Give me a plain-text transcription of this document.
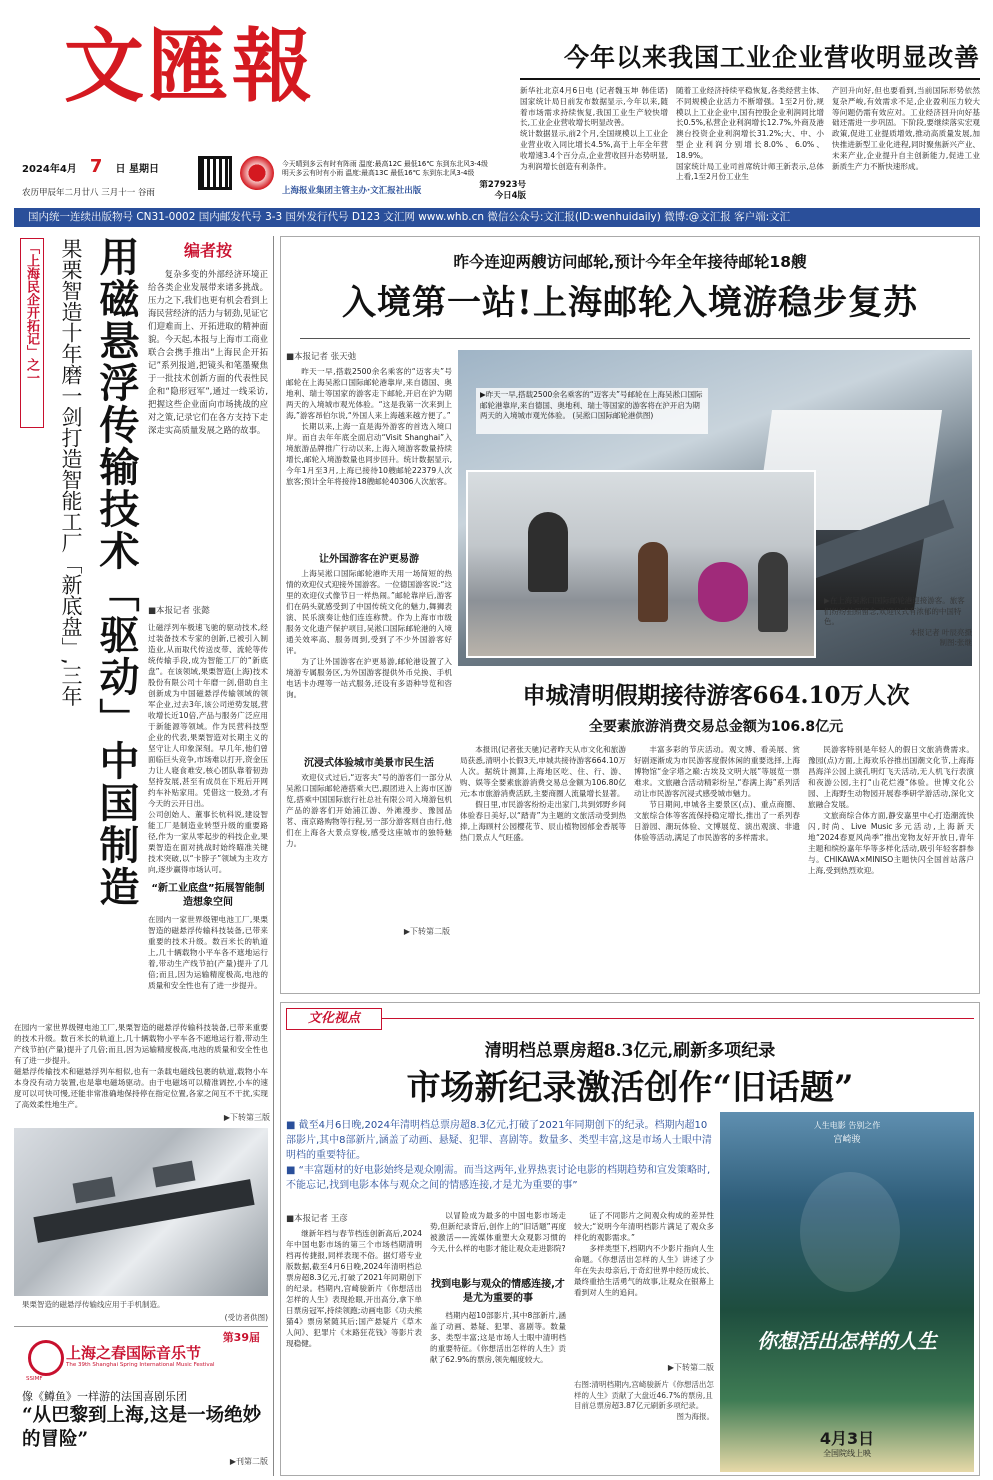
文匯報
2024年4月 7 日 星期日
农历甲辰年二月廿八 三月十一 谷雨
今天晴到多云有时有阵雨 温度:最高12C 最低16℃ 东到东北风3-4级
明天多云有时有小雨 温度:最高13C 最低16℃ 东到东北风3-4级
上海报业集团主管主办·文汇报社出版
第27923号
今日4版
今年以来我国工业企业营收明显改善

新华社北京4月6日电 (记者魏玉坤 韩佳诺) 国家统计局日前发布数据显示,今年以来,随着市场需求持续恢复,我国工业生产较快增长,工业企业营收增长明显改善。

统计数据显示,前2个月,全国规模以上工业企业营业收入同比增长4.5%,高于上年全年营收增速3.4个百分点,企业营收回升态势明显,为利润增长创造有利条件。

随着工业经济持续平稳恢复,各类经营主体、不同规模企业活力不断增强。1至2月份,规模以上工业企业中,国有控股企业利润同比增长0.5%,私营企业利润增长12.7%,外商及港澳台投资企业利润增长31.2%;大、中、小型企业利润分别增长8.0%、6.0%、18.9%。

国家统计局工业司首席统计师王新表示,总体上看,1至2月份工业生

产回升向好,但也要看到,当前国际形势依然复杂严峻,有效需求不足,企业盈利压力较大等问题仍需有效应对。工业经济回升向好基础还需进一步巩固。下阶段,要继续落实宏观政策,促进工业提质增效,推动高质量发展,加快推进新型工业化进程,同时聚焦新兴产业、未来产业,企业提升自主创新能力,促进工业新质生产力不断快速形成。

国内统一连续出版物号 CN31-0002 国内邮发代号 3-3 国外发行代号 D123 文汇网 www.whb.cn 微信公众号:文汇报(ID:wenhuidaily) 微博:@文汇报 客户端:文汇
「上海民企开拓记」之一 果栗智造十年磨一剑打造智能工厂「新底盘」,三年 用磁悬浮传输技术「驱动」中国制造	编者按
复杂多变的外部经济环境正给各类企业发展带来诸多挑战。压力之下,我们也更有机会看到上海民营经济的活力与韧劲,见证它们迎难而上、开拓进取的精神面貌。今天起,本报与上海市工商业联合会携手推出“上海民企开拓记”系列报道,把镜头和笔墨聚焦于一批技术创新方面的代表性民企和“隐形冠军”,通过一线采访,把握这些企业面向市场挑战的应对之策,记录它们在各方支持下走深走实高质量发展之路的故事。
■本报记者 张懿

让磁浮列车极速飞驰的驱动技术,经过装备技术专家的创新,已被引入制造业,从而取代传送皮带、流轮等传统传输手段,成为智能工厂的“新底盘”。在该领域,果栗智造(上海)技术股份有限公司十年磨一剑,借助自主创新成为中国磁悬浮传输领域的领军企业,过去3年,该公司逆势发展,营收增长近10倍,产品与服务广泛应用于新能源等领域。作为民营科技型企业的代表,果栗智造对长期主义的坚守让人印象深刻。早几年,他们曾面临巨头竞争,市场难以打开,资金压力让人寝食难安,核心团队靠着韧劲坚持发展,甚至有成员在下班后开网约车补贴家用。凭借这一股劲,才有今天的云开日出。

公司创始人、董事长杭科说,建设智能工厂是制造业转型升级的重要路径,作为一家从零起步的科技企业,果栗智造在面对挑战时始终瞄准关键技术突破,以“卡脖子”领域为主攻方向,逐步赢得市场认可。

“新工业底盘”拓展智能制造想象空间

在园内一家世界级锂电池工厂,果栗智造的磁悬浮传输科技装备,已带来重要的技术升级。数百米长的轨道上,几十辆载物小平车各不遮地运行着,带动生产线节拍(产量)提升了几倍;而且,因为运输精度极高,电池的质量和安全性也有了进一步提升。

磁悬浮传输技术和磁悬浮列车相似,也有一条载电磁线包裹的轨道,载物小车本身没有动力装置,也是靠电磁场驱动。由于电磁场可以精准调控,小车的速度可以可快可慢,还能非常准确地保持停在指定位置,各家之间互不干扰,实现了高效柔性地生产。

在园内一家世界级锂电池工厂,果栗智造的磁悬浮传输科技装备,已带来重要的技术升级。数百米长的轨道上,几十辆载物小平车各不遮地运行着,带动生产线节拍(产量)提升了几倍;而且,因为运输精度极高,电池的质量和安全性也有了进一步提升。

▶下转第三版
果栗智造的磁悬浮传输线应用于手机制造。
(受访者供图)
第39届
上海之春国际音乐节
The 39th Shanghai Spring International Music Festival
SSIMF
像《鳟鱼》一样游的法国喜剧乐团
“从巴黎到上海,这是一场绝妙的冒险”
▶刊第二版
昨今连迎两艘访问邮轮,预计今年全年接待邮轮18艘
入境第一站!上海邮轮入境游稳步复苏
■本报记者 张天弛

昨天一早,搭载2500余名乘客的“迈客夫”号邮轮在上海吴淞口国际邮轮港靠岸,来自德国、奥地利、瑞士等国家的游客走下邮轮,开启在沪为期两天的入境城市观光体验。“这是我第一次来到上海,”游客昂伯尔说,“外国人来上海越来越方便了。”

长期以来,上海一直是海外游客的首选入境口岸。而自去年年底全面启动“Visit Shanghai”入境旅游品牌推广行动以来,上海入境游客数量持续增长,邮轮入境游数量也同步回升。统计数据显示,今年1月至3月,上海已接待10艘邮轮22379人次旅客;预计全年将接待18艘邮轮40306人次旅客。

让外国游客在沪更易游

上海吴淞口国际邮轮港昨天用一场简短的热情的欢迎仪式迎接外国游客。一位德国游客说:“这里的欢迎仪式像节日一样热闹。”邮轮靠岸后,游客们在码头就感受到了中国传统文化的魅力,舞狮表演、民乐演奏让他们连连称赞。作为上海市市级服务文化遗产保护项目,吴淞口国际邮轮港的入境通关效率高、服务周到,受到了不少外国游客好评。

为了让外国游客在沪更易游,邮轮港设置了入境游专属服务区,为外国游客提供外币兑换、手机电话卡办理等一站式服务,还设有多语种导览和咨询。

沉浸式体验城市美景市民生活

欢迎仪式过后,“迈客夫”号的游客们一部分从吴淞口国际邮轮港搭乘大巴,跟团进入上海市区游览,搭乘中国国际旅行社总社有限公司入境游包机产品的游客们开始浦江游、外滩漫步、豫园品茗、南京路购物等行程,另一部分游客则自由行,他们在上海各大景点穿梭,感受这座城市的独特魅力。

▶下转第二版
▶昨天一早,搭载2500余名乘客的“迈客夫”号邮轮在上海吴淞口国际邮轮港靠岸,来自德国、奥地利、瑞士等国家的游客将在沪开启为期两天的入境城市观光体验。 (吴淞口国际邮轮港供图)
▶在上海吴淞口国际邮轮港迎接游客。旅客们纷纷拍照留念,欢迎仪式有浓郁的中国特色。
本报记者 叶辰亮摄
制图:张继
申城清明假期接待游客664.10万人次
全要素旅游消费交易总金额为106.8亿元

本报讯(记者张天驰)记者昨天从市文化和旅游局获悉,清明小长假3天,申城共接待游客664.10万人次。据统计测算,上海地区吃、住、行、游、购、娱等全要素旅游消费交易总金额为106.80亿元;本市旅游消费活跃,主要商圈人流量增长显著。

假日里,市民游客纷纷走出家门,共到郊野乡间体验春日美好,以“踏青”为主题的文旅活动受到热捧,上海顾村公园樱花节、辰山植物园郁金香展等热门景点人气旺盛。

丰富多彩的节庆活动。观文博、看美展、赏好剧逐渐成为市民游客度假休闲的重要选择,上海博物馆“金字塔之巅:古埃及文明大展”等展览一票难求。文旅融合活动精彩纷呈,“春满上海”系列活动让市民游客沉浸式感受城市魅力。

节日期间,申城各主要景区(点)、重点商圈、文旅综合体等客流保持稳定增长,推出了一系列春日游园、潮玩体验、文博展览、演出观演、非遗体验等活动,满足了市民游客的多样需求。

民游客特别是年轻人的假日文旅消费需求。豫园(点)方面,上海欢乐谷推出国潮文化节,上海海昌海洋公园上演孔明灯飞天活动,无人机飞行表演和夜游公园,主打“山花烂漫”体验。世博文化公园、上海野生动物园开展春季研学游活动,深化文旅融合发展。

文旅商综合体方面,静安嘉里中心打造潮流快闪,时尚、Live Music多元活动,上海新天地“2024春夏风尚季”推出宠物友好开放日,青年主题和缤纷嘉年华等多样化活动,吸引年轻客群参与。CHIKAWA×MINISO主题快闪全国首站落户上海,受到热烈欢迎。

文化视点
清明档总票房超8.3亿元,刷新多项纪录
市场新纪录激活创作“旧话题”

■ 截至4月6日晚,2024年清明档总票房超8.3亿元,打破了2021年同期创下的纪录。档期内超10部影片,其中8部新片,涵盖了动画、悬疑、犯罪、喜剧等。数量多、类型丰富,这是市场人士眼中清明档的重要特征。

■ “丰富题材的好电影始终是观众刚需。而当这两年,业界热衷讨论电影的档期趋势和宣发策略时,不能忘记,找到电影本体与观众之间的情感连接,才是尤为重要的事”

■本报记者 王彦

继新年档与春节档连创新高后,2024年中国电影市场的第三个市场档期清明档再传捷报,同样表现不俗。据灯塔专业版数据,截至4月6日晚,2024年清明档总票房超8.3亿元,打破了2021年同期创下的纪录。档期内,宫崎骏新片《你想活出怎样的人生》表现抢眼,开出高分,拿下单日票房冠军,持续领跑;动画电影《功夫熊猫4》票房紧随其后;国产悬疑片《草木人间》、犯罪片《末路狂花钱》等影片表现稳健。

以冒险成为最多的中国电影市场走势,但新纪录背后,创作上的“旧话题”再度被激活——流媒体重塑大众观影习惯的今天,什么样的电影才能让观众走进影院?

找到电影与观众的情感连接,才是尤为重要的事

档期内超10部影片,其中8部新片,涵盖了动画、悬疑、犯罪、喜剧等。数量多、类型丰富;这是市场人士眼中清明档的重要特征。《你想活出怎样的人生》贡献了62.9%的票房,领先幅度较大。

证了不同影片之间观众构成的差异性较大;“说明今年清明档影片满足了观众多样化的观影需求。”

多样类型下,档期内不少影片指向人生命题。《你想活出怎样的人生》讲述了少年在失去母亲后,于奇幻世界中经历成长、最终重拾生活勇气的故事,让观众在银幕上看到对人生的追问。

▶下转第二版
右图:清明档期内,宫崎骏新片《你想活出怎样的人生》贡献了大盘近46.7%的票房,且目前总票房超3.87亿元刷新多项纪录。
图为海报。
人生电影 告别之作
宫崎骏
你想活出怎样的人生
4月3日
全国院线上映
